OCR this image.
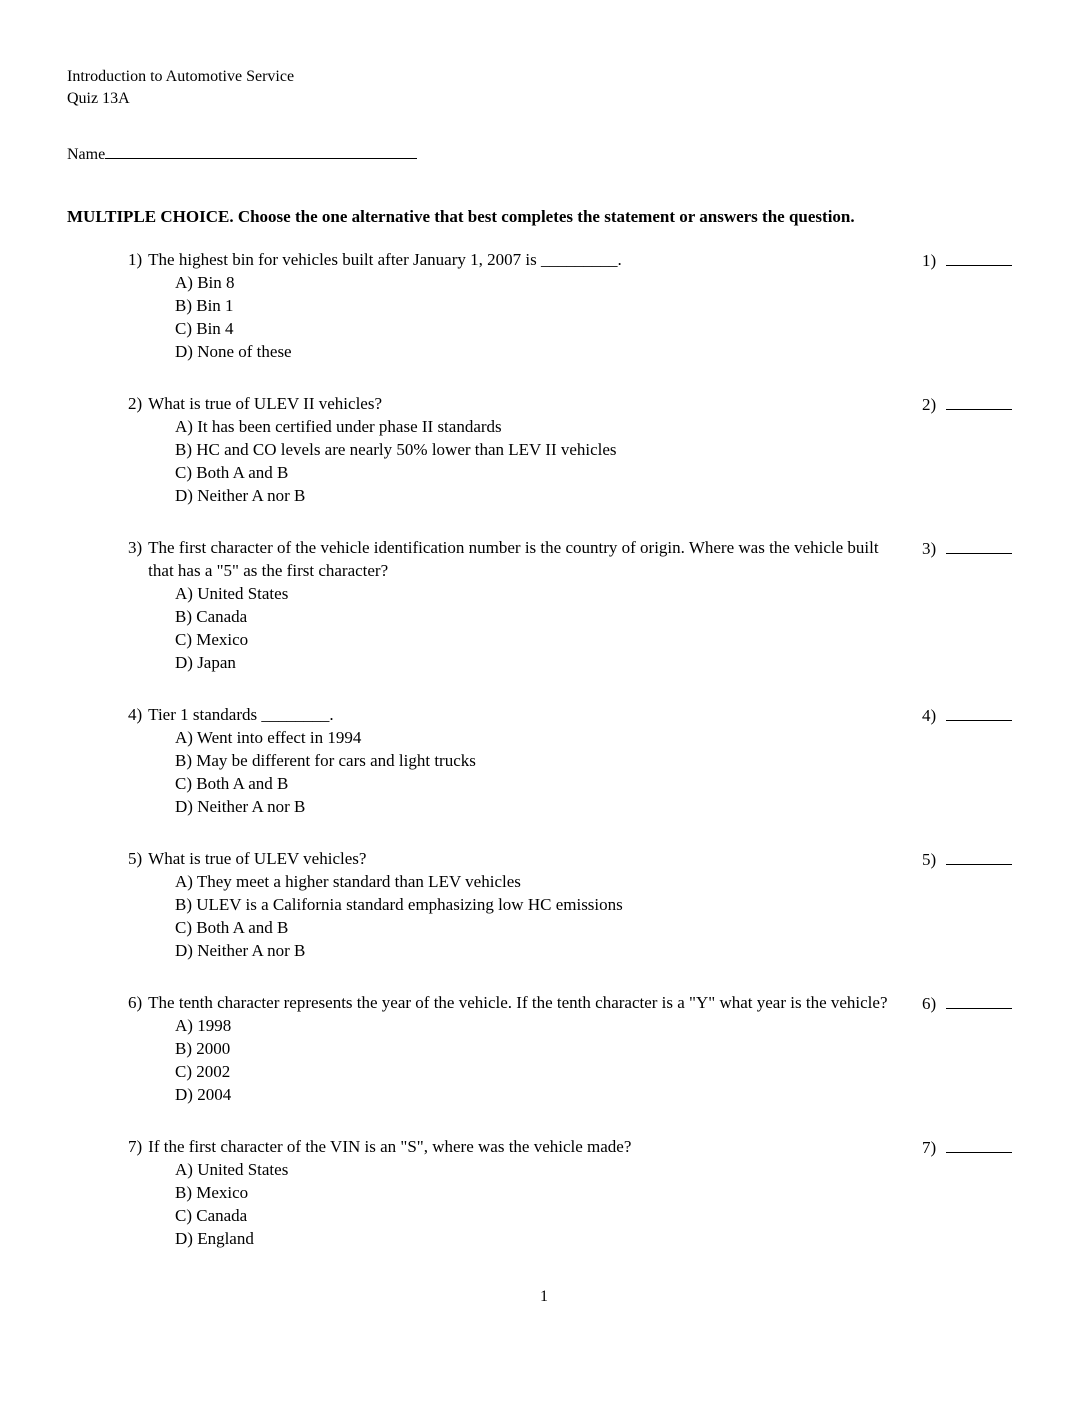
Introduction to Automotive Service
Quiz 13A
Name
MULTIPLE CHOICE. Choose the one alternative that best completes the statement or answers the question.
1) The highest bin for vehicles built after January 1, 2007 is _________.
A) Bin 8
B) Bin 1
C) Bin 4
D) None of these
1)
2) What is true of ULEV II vehicles?
A) It has been certified under phase II standards
B) HC and CO levels are nearly 50% lower than LEV II vehicles
C) Both A and B
D) Neither A nor B
2)
3) The first character of the vehicle identification number is the country of origin. Where was the vehicle built that has a "5" as the first character?
A) United States
B) Canada
C) Mexico
D) Japan
3)
4) Tier 1 standards ________.
A) Went into effect in 1994
B) May be different for cars and light trucks
C) Both A and B
D) Neither A nor B
4)
5) What is true of ULEV vehicles?
A) They meet a higher standard than LEV vehicles
B) ULEV is a California standard emphasizing low HC emissions
C) Both A and B
D) Neither A nor B
5)
6) The tenth character represents the year of the vehicle. If the tenth character is a "Y" what year is the vehicle?
A) 1998
B) 2000
C) 2002
D) 2004
6)
7) If the first character of the VIN is an "S", where was the vehicle made?
A) United States
B) Mexico
C) Canada
D) England
7)
1
